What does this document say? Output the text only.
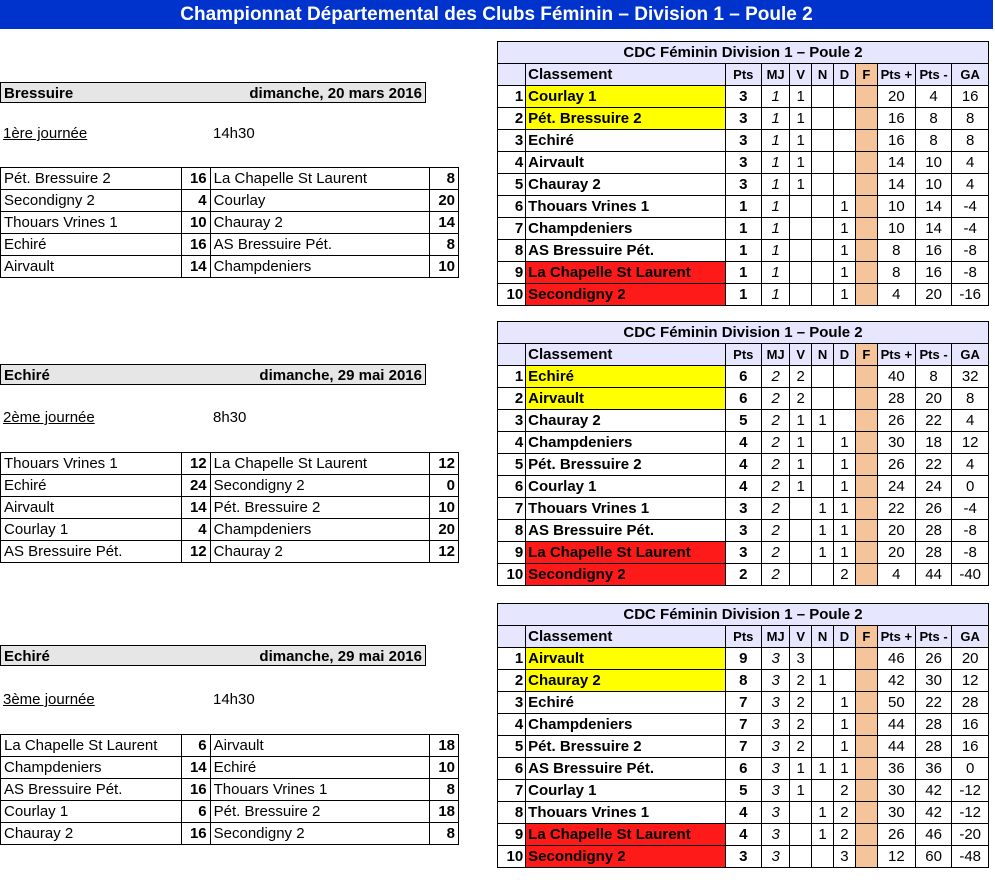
Championnat Départemental des Clubs Féminin – Division 1 – Poule 2
Bressuire	dimanche, 20 mars 2016
1ère journée	14h30
Pét. Bressuire 2	16	La Chapelle St Laurent	8
Secondigny 2	4	Courlay	20
Thouars Vrines 1	10	Chauray 2	14
Echiré	16	AS Bressuire Pét.	8
Airvault	14	Champdeniers	10
CDC Féminin Division 1 – Poule 2										
	Classement	Pts	MJ	V	N	D	F	Pts +	Pts -	GA
1	Courlay 1	3	1	1				20	4	16
2	Pét. Bressuire 2	3	1	1				16	8	8
3	Echiré	3	1	1				16	8	8
4	Airvault	3	1	1				14	10	4
5	Chauray 2	3	1	1				14	10	4
6	Thouars Vrines 1	1	1			1		10	14	-4
7	Champdeniers	1	1			1		10	14	-4
8	AS Bressuire Pét.	1	1			1		8	16	-8
9	La Chapelle St Laurent	1	1			1		8	16	-8
10	Secondigny 2	1	1			1		4	20	-16
Echiré	dimanche, 29 mai 2016
2ème journée	8h30
Thouars Vrines 1	12	La Chapelle St Laurent	12
Echiré	24	Secondigny 2	0
Airvault	14	Pét. Bressuire 2	10
Courlay 1	4	Champdeniers	20
AS Bressuire Pét.	12	Chauray 2	12
CDC Féminin Division 1 – Poule 2										
	Classement	Pts	MJ	V	N	D	F	Pts +	Pts -	GA
1	Echiré	6	2	2				40	8	32
2	Airvault	6	2	2				28	20	8
3	Chauray 2	5	2	1	1			26	22	4
4	Champdeniers	4	2	1		1		30	18	12
5	Pét. Bressuire 2	4	2	1		1		26	22	4
6	Courlay 1	4	2	1		1		24	24	0
7	Thouars Vrines 1	3	2		1	1		22	26	-4
8	AS Bressuire Pét.	3	2		1	1		20	28	-8
9	La Chapelle St Laurent	3	2		1	1		20	28	-8
10	Secondigny 2	2	2			2		4	44	-40
Echiré	dimanche, 29 mai 2016
3ème journée	14h30
La Chapelle St Laurent	6	Airvault	18
Champdeniers	14	Echiré	10
AS Bressuire Pét.	16	Thouars Vrines 1	8
Courlay 1	6	Pét. Bressuire 2	18
Chauray 2	16	Secondigny 2	8
CDC Féminin Division 1 – Poule 2										
	Classement	Pts	MJ	V	N	D	F	Pts +	Pts -	GA
1	Airvault	9	3	3				46	26	20
2	Chauray 2	8	3	2	1			42	30	12
3	Echiré	7	3	2		1		50	22	28
4	Champdeniers	7	3	2		1		44	28	16
5	Pét. Bressuire 2	7	3	2		1		44	28	16
6	AS Bressuire Pét.	6	3	1	1	1		36	36	0
7	Courlay 1	5	3	1		2		30	42	-12
8	Thouars Vrines 1	4	3		1	2		30	42	-12
9	La Chapelle St Laurent	4	3		1	2		26	46	-20
10	Secondigny 2	3	3			3		12	60	-48
